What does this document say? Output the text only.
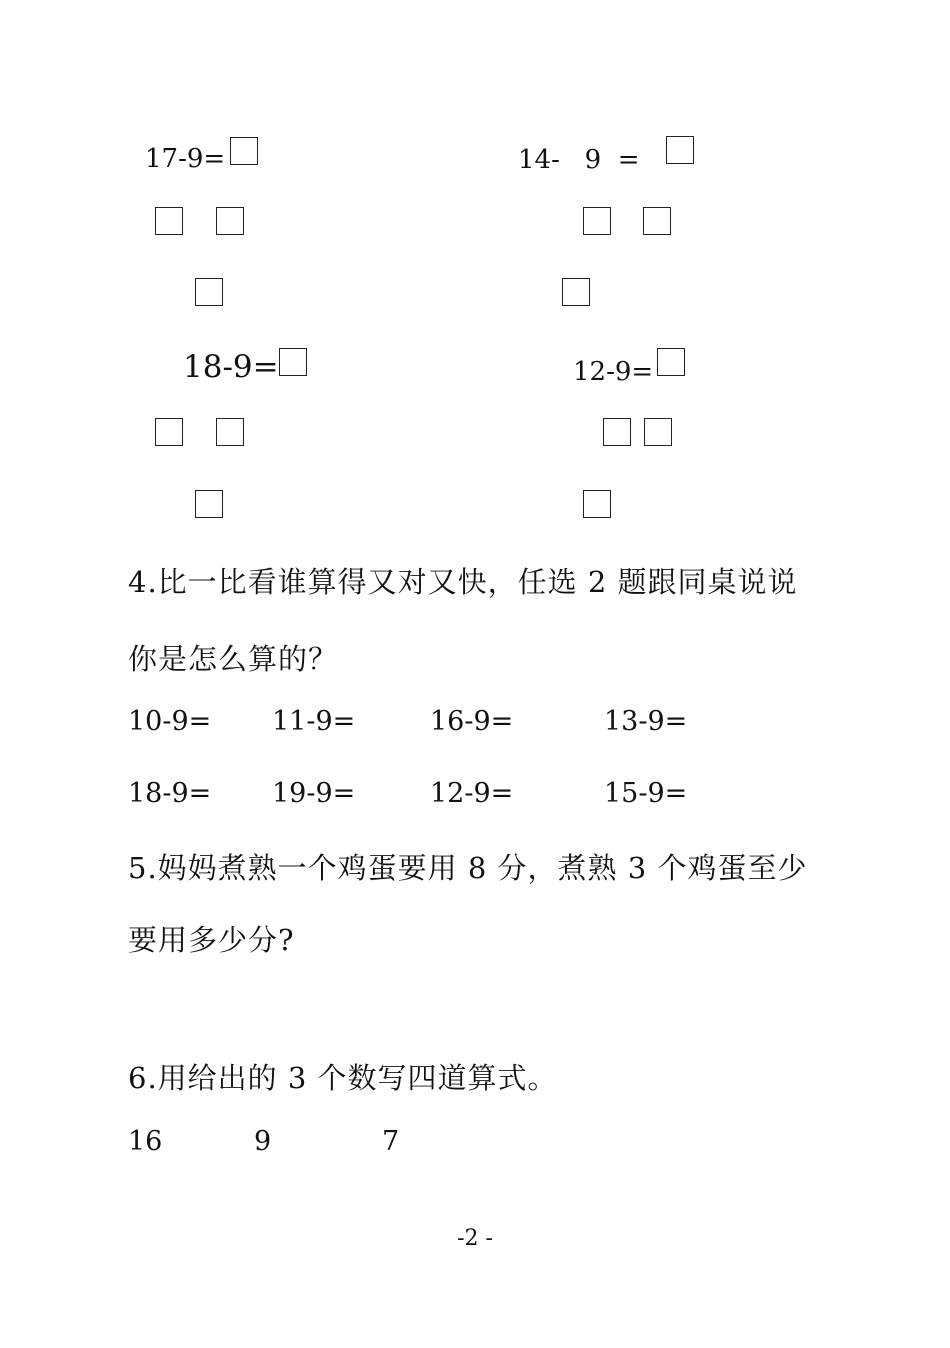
17-9=	14-   9  =
18-9=	12-9=
4.比一比看谁算得又对又快，任选 2 题跟同桌说说
你是怎么算的？
10-9= 11-9=	16-9=	13-9=
18-9= 19-9=	12-9=	15-9=
5.妈妈煮熟一个鸡蛋要用 8 分，煮熟 3 个鸡蛋至少
要用多少分?
6.用给出的 3 个数写四道算式。
16	9	7
-2 -
